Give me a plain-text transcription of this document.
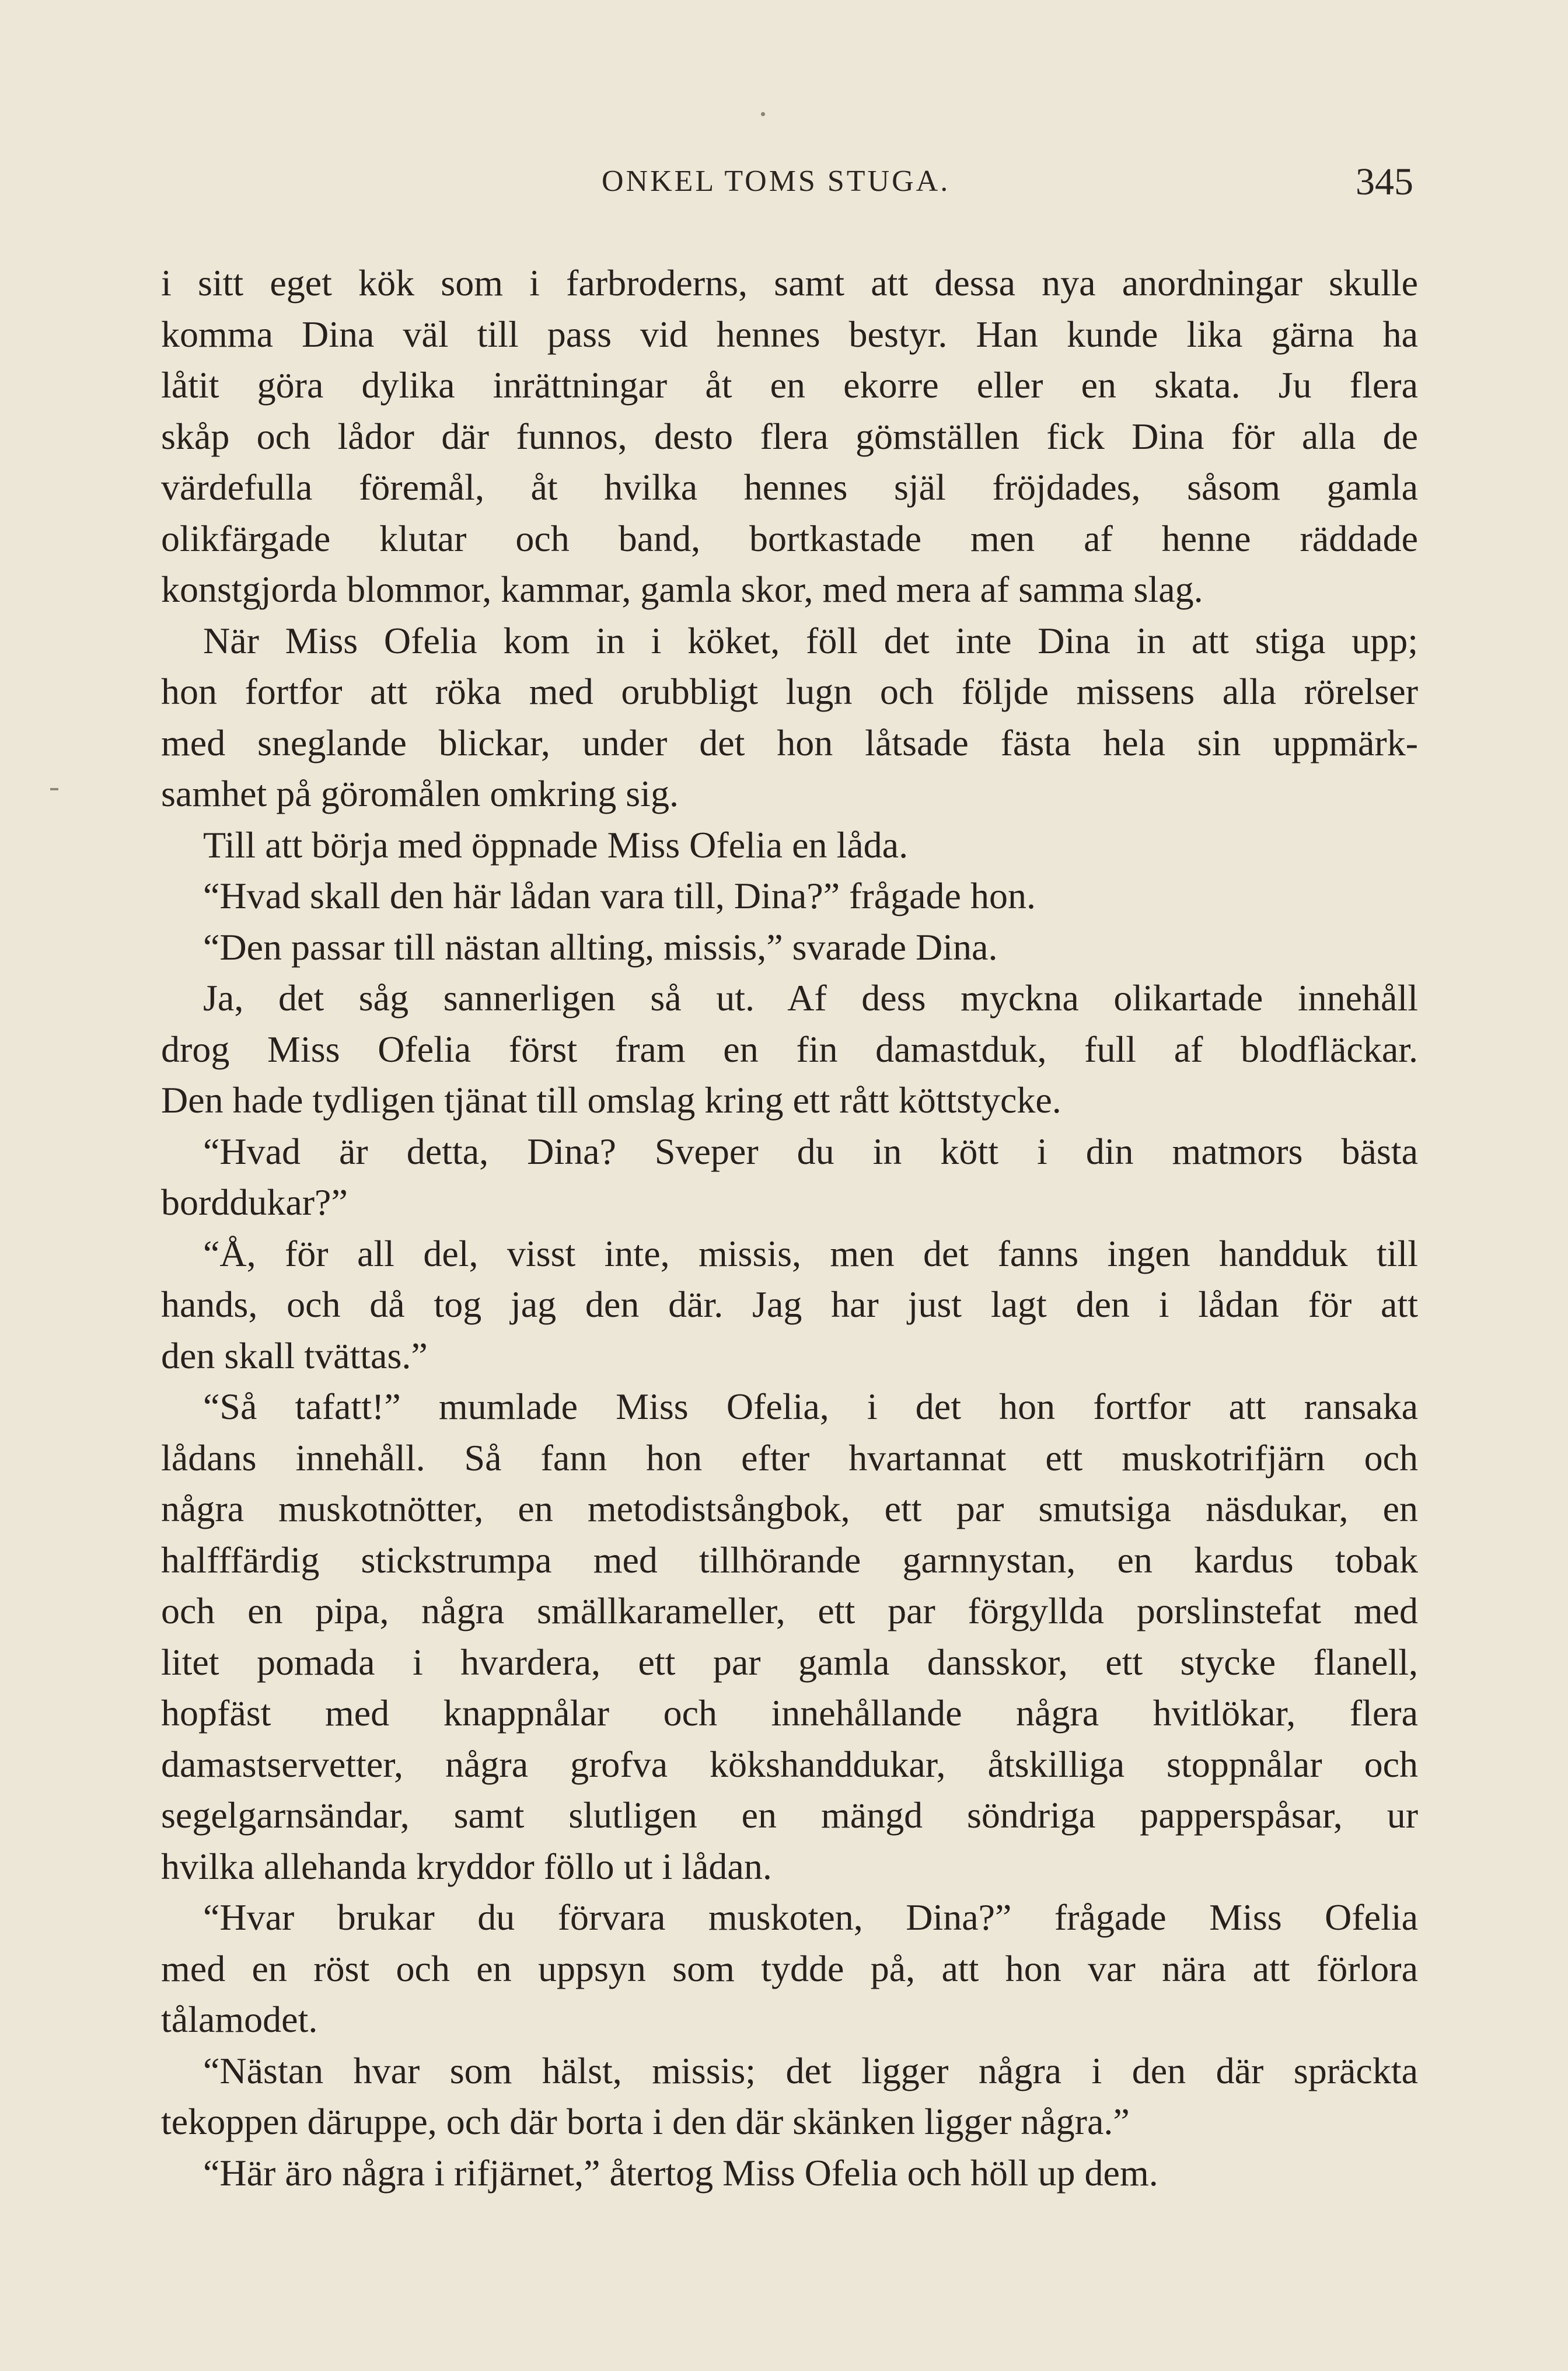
ONKEL TOMS STUGA.	345
i sitt eget kök som i farbroderns, samt att dessa nya anordningar skulle
komma Dina väl till pass vid hennes bestyr. Han kunde lika gärna ha
låtit göra dylika inrättningar åt en ekorre eller en skata. Ju flera
skåp och lådor där funnos, desto flera gömställen fick Dina för alla de
värdefulla föremål, åt hvilka hennes själ fröjdades, såsom gamla
olikfärgade klutar och band, bortkastade men af henne räddade
konstgjorda blommor, kammar, gamla skor, med mera af samma slag.
När Miss Ofelia kom in i köket, föll det inte Dina in att stiga upp;
hon fortfor att röka med orubbligt lugn och följde missens alla rörelser
med sneglande blickar, under det hon låtsade fästa hela sin uppmärk-
samhet på göromålen omkring sig.
Till att börja med öppnade Miss Ofelia en låda.
“Hvad skall den här lådan vara till, Dina?” frågade hon.
“Den passar till nästan allting, missis,” svarade Dina.
Ja, det såg sannerligen så ut. Af dess myckna olikartade innehåll
drog Miss Ofelia först fram en fin damastduk, full af blodfläckar.
Den hade tydligen tjänat till omslag kring ett rått köttstycke.
“Hvad är detta, Dina? Sveper du in kött i din matmors bästa
borddukar?”
“Å, för all del, visst inte, missis, men det fanns ingen handduk till
hands, och då tog jag den där. Jag har just lagt den i lådan för att
den skall tvättas.”
“Så tafatt!” mumlade Miss Ofelia, i det hon fortfor att ransaka
lådans innehåll. Så fann hon efter hvartannat ett muskotrifjärn och
några muskotnötter, en metodistsångbok, ett par smutsiga näsdukar, en
halfffärdig stickstrumpa med tillhörande garnnystan, en kardus tobak
och en pipa, några smällkarameller, ett par förgyllda porslinstefat med
litet pomada i hvardera, ett par gamla dansskor, ett stycke flanell,
hopfäst med knappnålar och innehållande några hvitlökar, flera
damastservetter, några grofva kökshanddukar, åtskilliga stoppnålar och
segelgarnsändar, samt slutligen en mängd söndriga papperspåsar, ur
hvilka allehanda kryddor föllo ut i lådan.
“Hvar brukar du förvara muskoten, Dina?” frågade Miss Ofelia
med en röst och en uppsyn som tydde på, att hon var nära att förlora
tålamodet.
“Nästan hvar som hälst, missis; det ligger några i den där spräckta
tekoppen däruppe, och där borta i den där skänken ligger några.”
“Här äro några i rifjärnet,” återtog Miss Ofelia och höll up dem.
